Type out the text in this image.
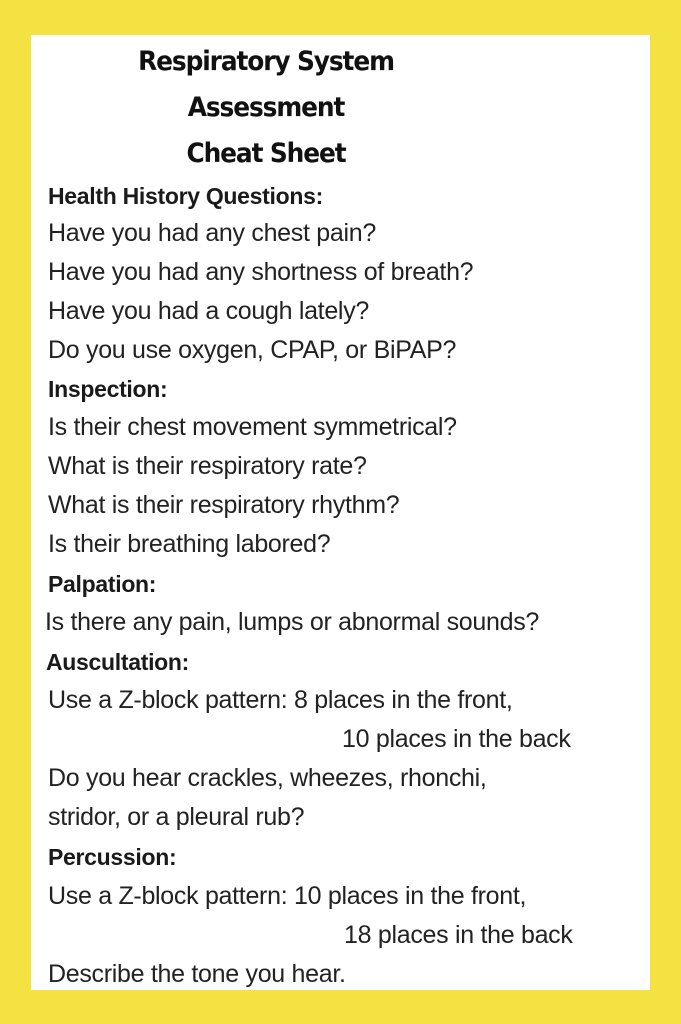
Respiratory System
Assessment
Cheat Sheet
Health History Questions:
Have you had any chest pain?
Have you had any shortness of breath?
Have you had a cough lately?
Do you use oxygen, CPAP, or BiPAP?
Inspection:
Is their chest movement symmetrical?
What is their respiratory rate?
What is their respiratory rhythm?
Is their breathing labored?
Palpation:
Is there any pain, lumps or abnormal sounds?
Auscultation:
Use a Z-block pattern: 8 places in the front,
10 places in the back
Do you hear crackles, wheezes, rhonchi,
stridor, or a pleural rub?
Percussion:
Use a Z-block pattern: 10 places in the front,
18 places in the back
Describe the tone you hear.
